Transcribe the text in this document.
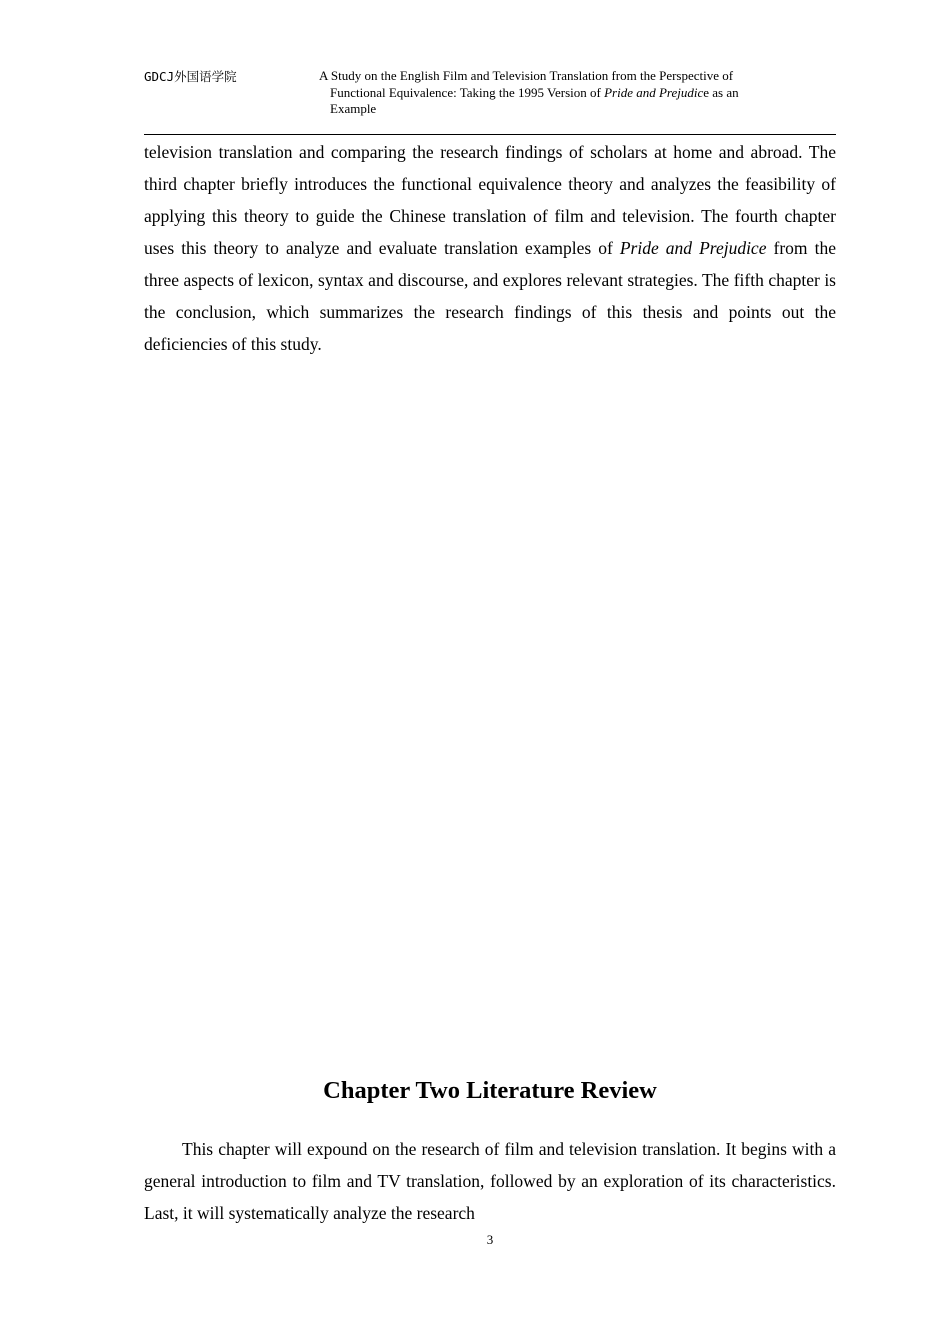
GDCJ外国语学院	A Study on the English Film and Television Translation from the Perspective of
Functional Equivalence: Taking the 1995 Version of Pride and Prejudice as an
Example
television translation and comparing the research findings of scholars at home and abroad. The third chapter briefly introduces the functional equivalence theory and analyzes the feasibility of applying this theory to guide the Chinese translation of film and television. The fourth chapter uses this theory to analyze and evaluate translation examples of Pride and Prejudice from the three aspects of lexicon, syntax and discourse, and explores relevant strategies. The fifth chapter is the conclusion, which summarizes the research findings of this thesis and points out the deficiencies of this study.
Chapter Two Literature Review
This chapter will expound on the research of film and television translation. It begins with a general introduction to film and TV translation, followed by an exploration of its characteristics. Last, it will systematically analyze the research
3
